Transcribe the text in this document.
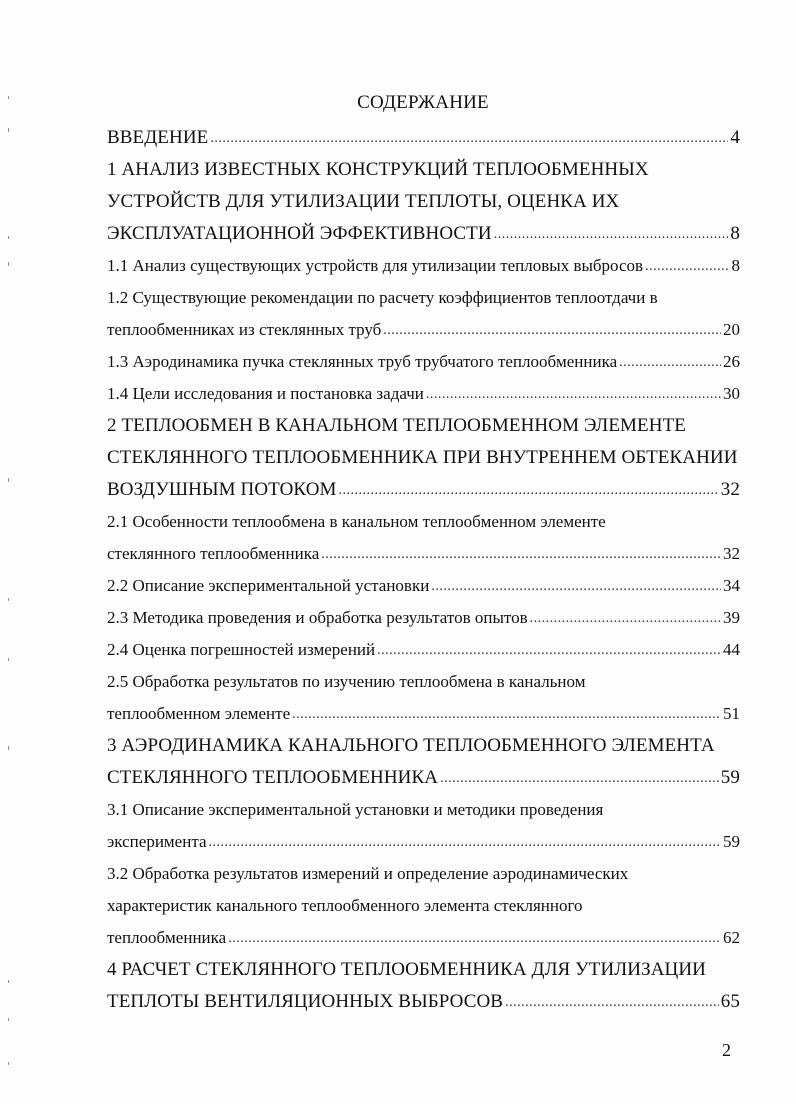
СОДЕРЖАНИЕ
ВВЕДЕНИЕ .....	4
1 АНАЛИЗ ИЗВЕСТНЫХ КОНСТРУКЦИЙ ТЕПЛООБМЕННЫХ
УСТРОЙСТВ ДЛЯ УТИЛИЗАЦИИ ТЕПЛОТЫ, ОЦЕНКА ИХ
ЭКСПЛУАТАЦИОННОЙ ЭФФЕКТИВНОСТИ .....	8
1.1 Анализ существующих устройств для утилизации тепловых выбросов .....	8
1.2 Существующие рекомендации по расчету коэффициентов теплоотдачи в
теплообменниках из стеклянных труб .....	20
1.3 Аэродинамика пучка стеклянных труб трубчатого теплообменника .....	26
1.4 Цели исследования и постановка задачи .....	30
2 ТЕПЛООБМЕН В КАНАЛЬНОМ ТЕПЛООБМЕННОМ ЭЛЕМЕНТЕ
СТЕКЛЯННОГО ТЕПЛООБМЕННИКА ПРИ ВНУТРЕННЕМ ОБТЕКАНИИ
ВОЗДУШНЫМ ПОТОКОМ .....	32
2.1 Особенности теплообмена в канальном теплообменном элементе
стеклянного теплообменника .....	32
2.2 Описание экспериментальной установки .....	34
2.3 Методика проведения и обработка результатов опытов .....	39
2.4 Оценка погрешностей измерений .....	44
2.5 Обработка результатов по изучению теплообмена в канальном
теплообменном элементе .....	51
3 АЭРОДИНАМИКА КАНАЛЬНОГО ТЕПЛООБМЕННОГО ЭЛЕМЕНТА
СТЕКЛЯННОГО ТЕПЛООБМЕННИКА .....	59
3.1 Описание экспериментальной установки и методики проведения
эксперимента .....	59
3.2 Обработка результатов измерений и определение аэродинамических
характеристик канального теплообменного элемента стеклянного
теплообменника .....	62
4 РАСЧЕТ СТЕКЛЯННОГО ТЕПЛООБМЕННИКА ДЛЯ УТИЛИЗАЦИИ
ТЕПЛОТЫ ВЕНТИЛЯЦИОННЫХ ВЫБРОСОВ .....	65
2
